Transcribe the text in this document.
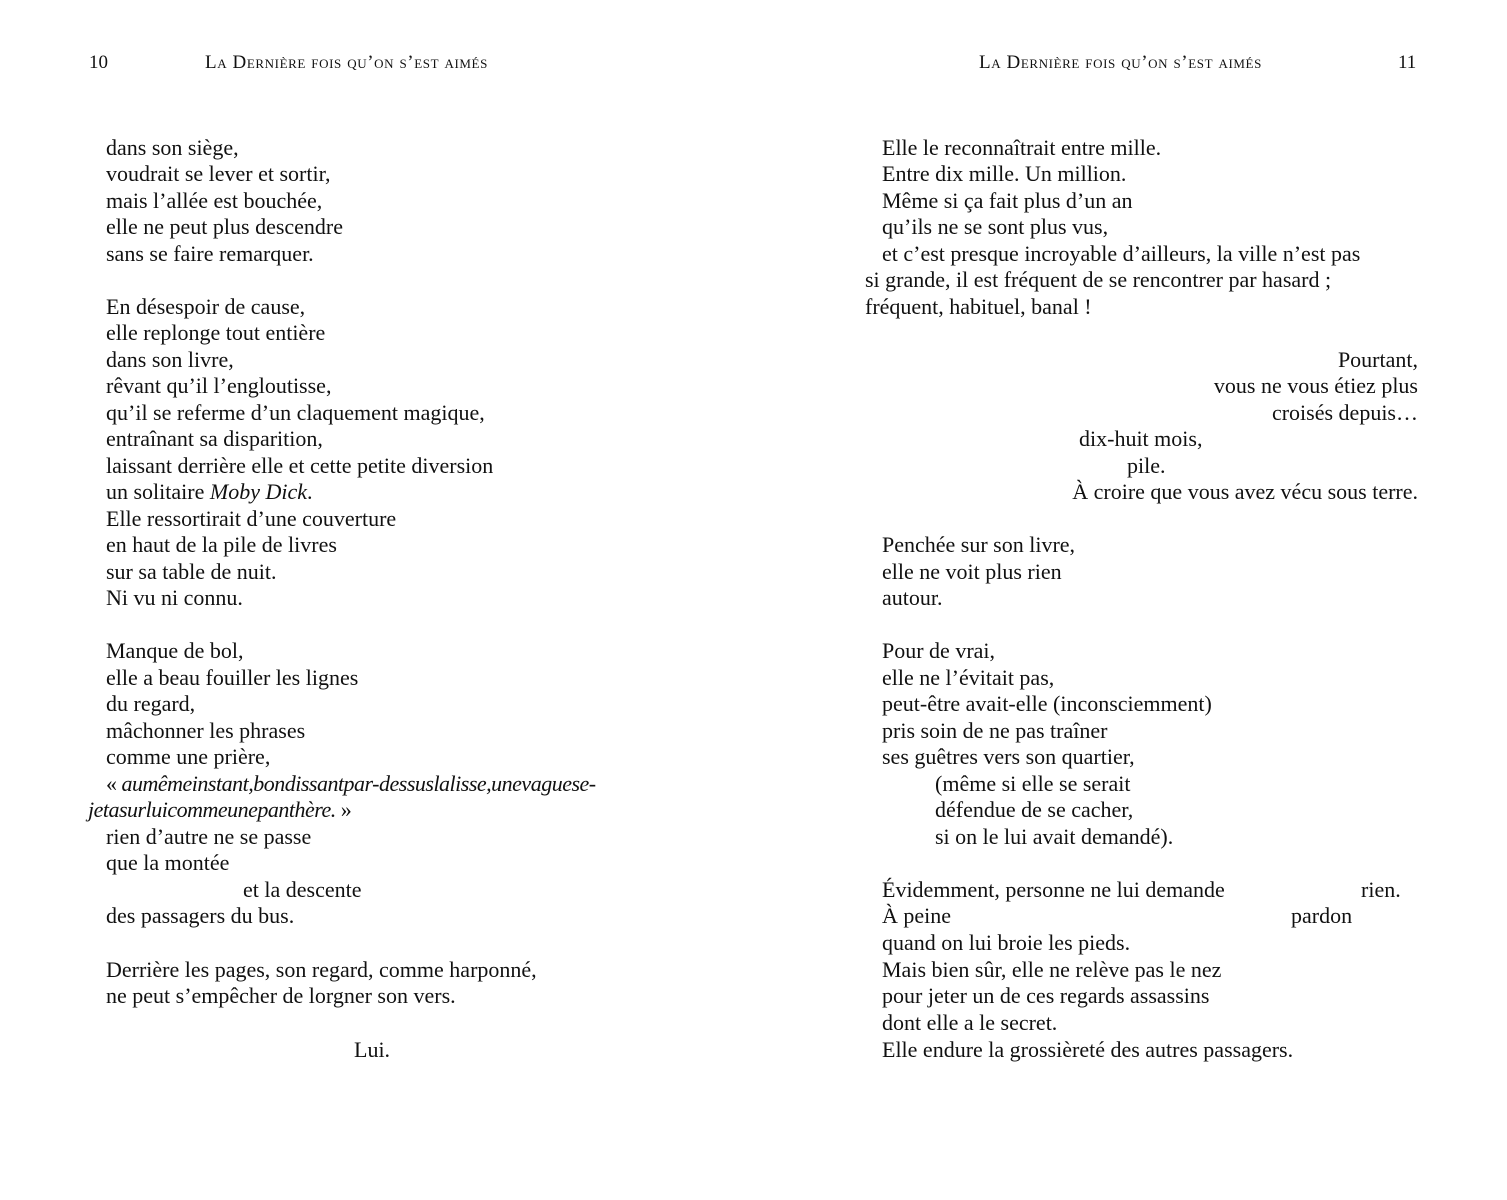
10	La Dernière fois qu’on s’est aimés
dans son siège,
voudrait se lever et sortir,
mais l’allée est bouchée,
elle ne peut plus descendre
sans se faire remarquer.
En désespoir de cause,
elle replonge tout entière
dans son livre,
rêvant qu’il l’engloutisse,
qu’il se referme d’un claquement magique,
entraînant sa disparition,
laissant derrière elle et cette petite diversion
un solitaire Moby Dick.
Elle ressortirait d’une couverture
en haut de la pile de livres
sur sa table de nuit.
Ni vu ni connu.
Manque de bol,
elle a beau fouiller les lignes
du regard,
mâchonner les phrases
comme une prière,
« aumêmeinstant,bondissantpar-dessuslalisse,unevaguese-
jetasurluicommeunepanthère. »
rien d’autre ne se passe
que la montée
et la descente
des passagers du bus.
Derrière les pages, son regard, comme harponné,
ne peut s’empêcher de lorgner son vers.
Lui.
La Dernière fois qu’on s’est aimés	11
Elle le reconnaîtrait entre mille.
Entre dix mille. Un million.
Même si ça fait plus d’un an
qu’ils ne se sont plus vus,
et c’est presque incroyable d’ailleurs, la ville n’est pas
si grande, il est fréquent de se rencontrer par hasard ;
fréquent, habituel, banal !
Pourtant,
vous ne vous étiez plus
croisés depuis…
dix-huit mois,
pile.
À croire que vous avez vécu sous terre.
Penchée sur son livre,
elle ne voit plus rien
autour.
Pour de vrai,
elle ne l’évitait pas,
peut-être avait-elle (inconsciemment)
pris soin de ne pas traîner
ses guêtres vers son quartier,
(même si elle se serait
défendue de se cacher,
si on le lui avait demandé).
Évidemment, personne ne lui demande	rien.
À peine	pardon
quand on lui broie les pieds.
Mais bien sûr, elle ne relève pas le nez
pour jeter un de ces regards assassins
dont elle a le secret.
Elle endure la grossièreté des autres passagers.
